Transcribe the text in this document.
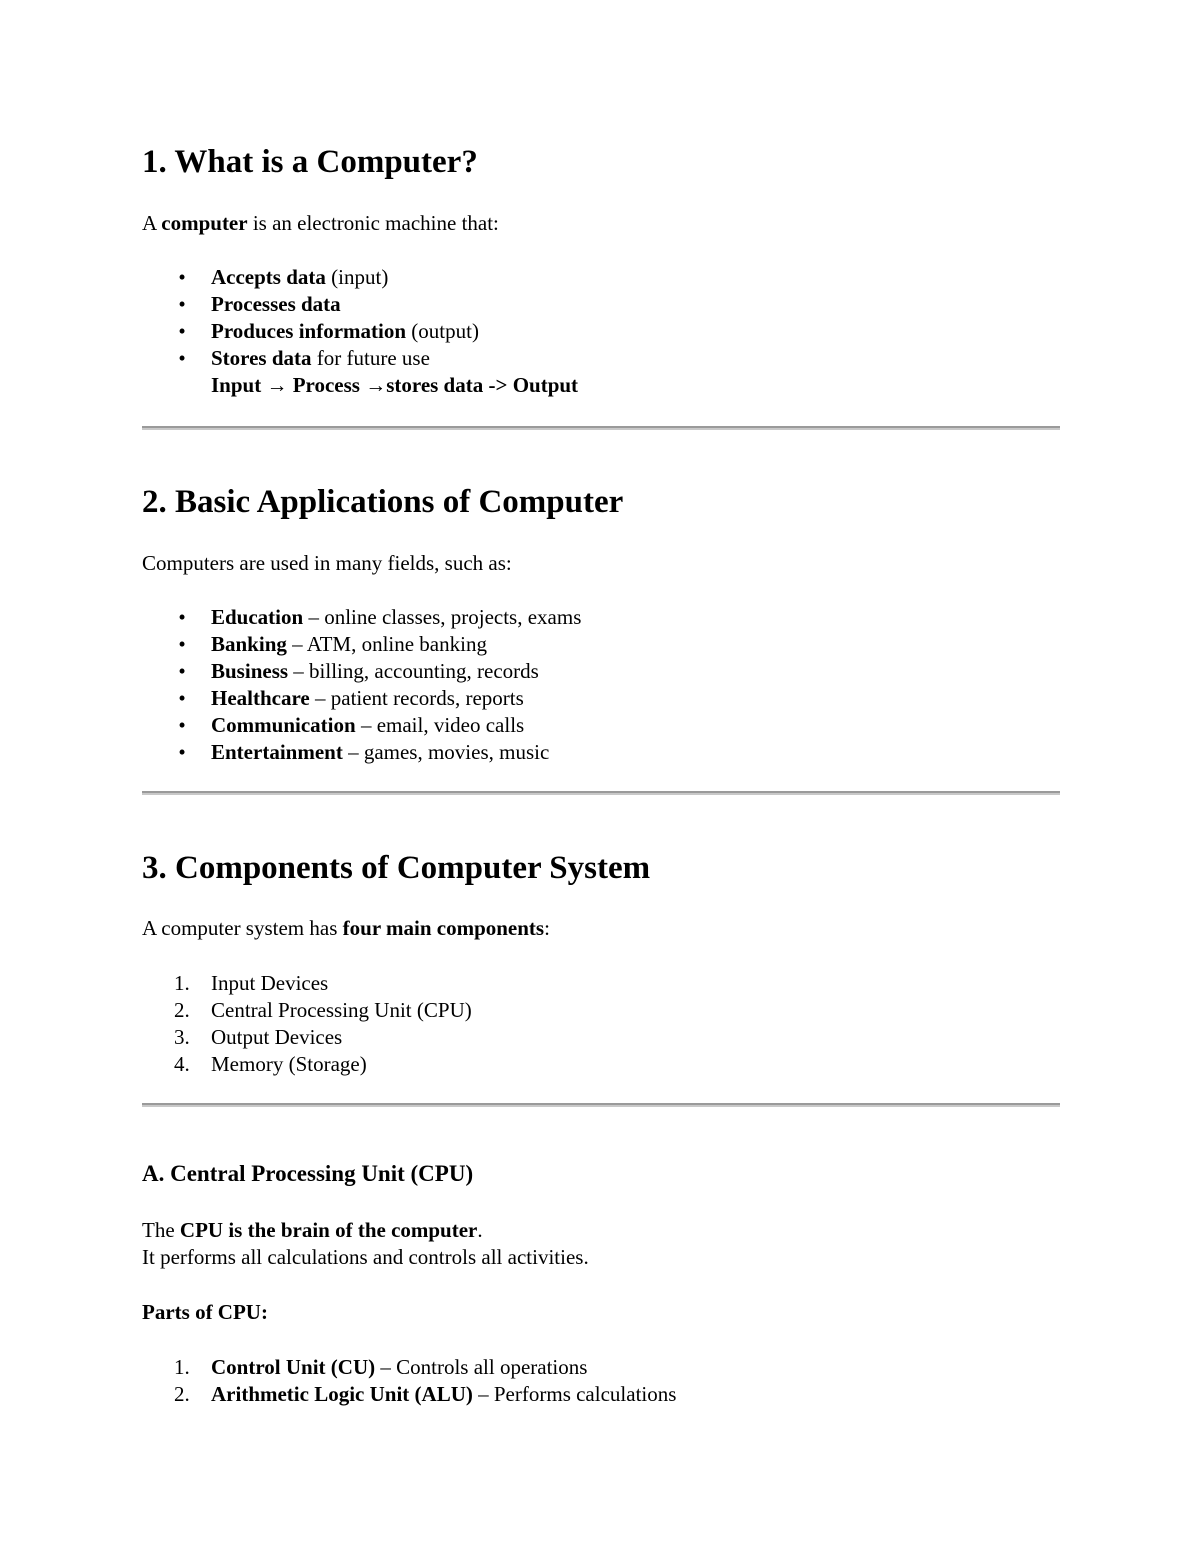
1. What is a Computer?

A computer is an electronic machine that:

• Accepts data (input)
• Processes data
• Produces information (output)
• Stores data for future use
Input → Process →stores data -> Output
2. Basic Applications of Computer

Computers are used in many fields, such as:

• Education – online classes, projects, exams
• Banking – ATM, online banking
• Business – billing, accounting, records
• Healthcare – patient records, reports
• Communication – email, video calls
• Entertainment – games, movies, music
3. Components of Computer System

A computer system has four main components:

1.	Input Devices
2.	Central Processing Unit (CPU)
3.	Output Devices
4.	Memory (Storage)
A. Central Processing Unit (CPU)

The CPU is the brain of the computer.
It performs all calculations and controls all activities.

Parts of CPU:

1.	Control Unit (CU) – Controls all operations
2.	Arithmetic Logic Unit (ALU) – Performs calculations
